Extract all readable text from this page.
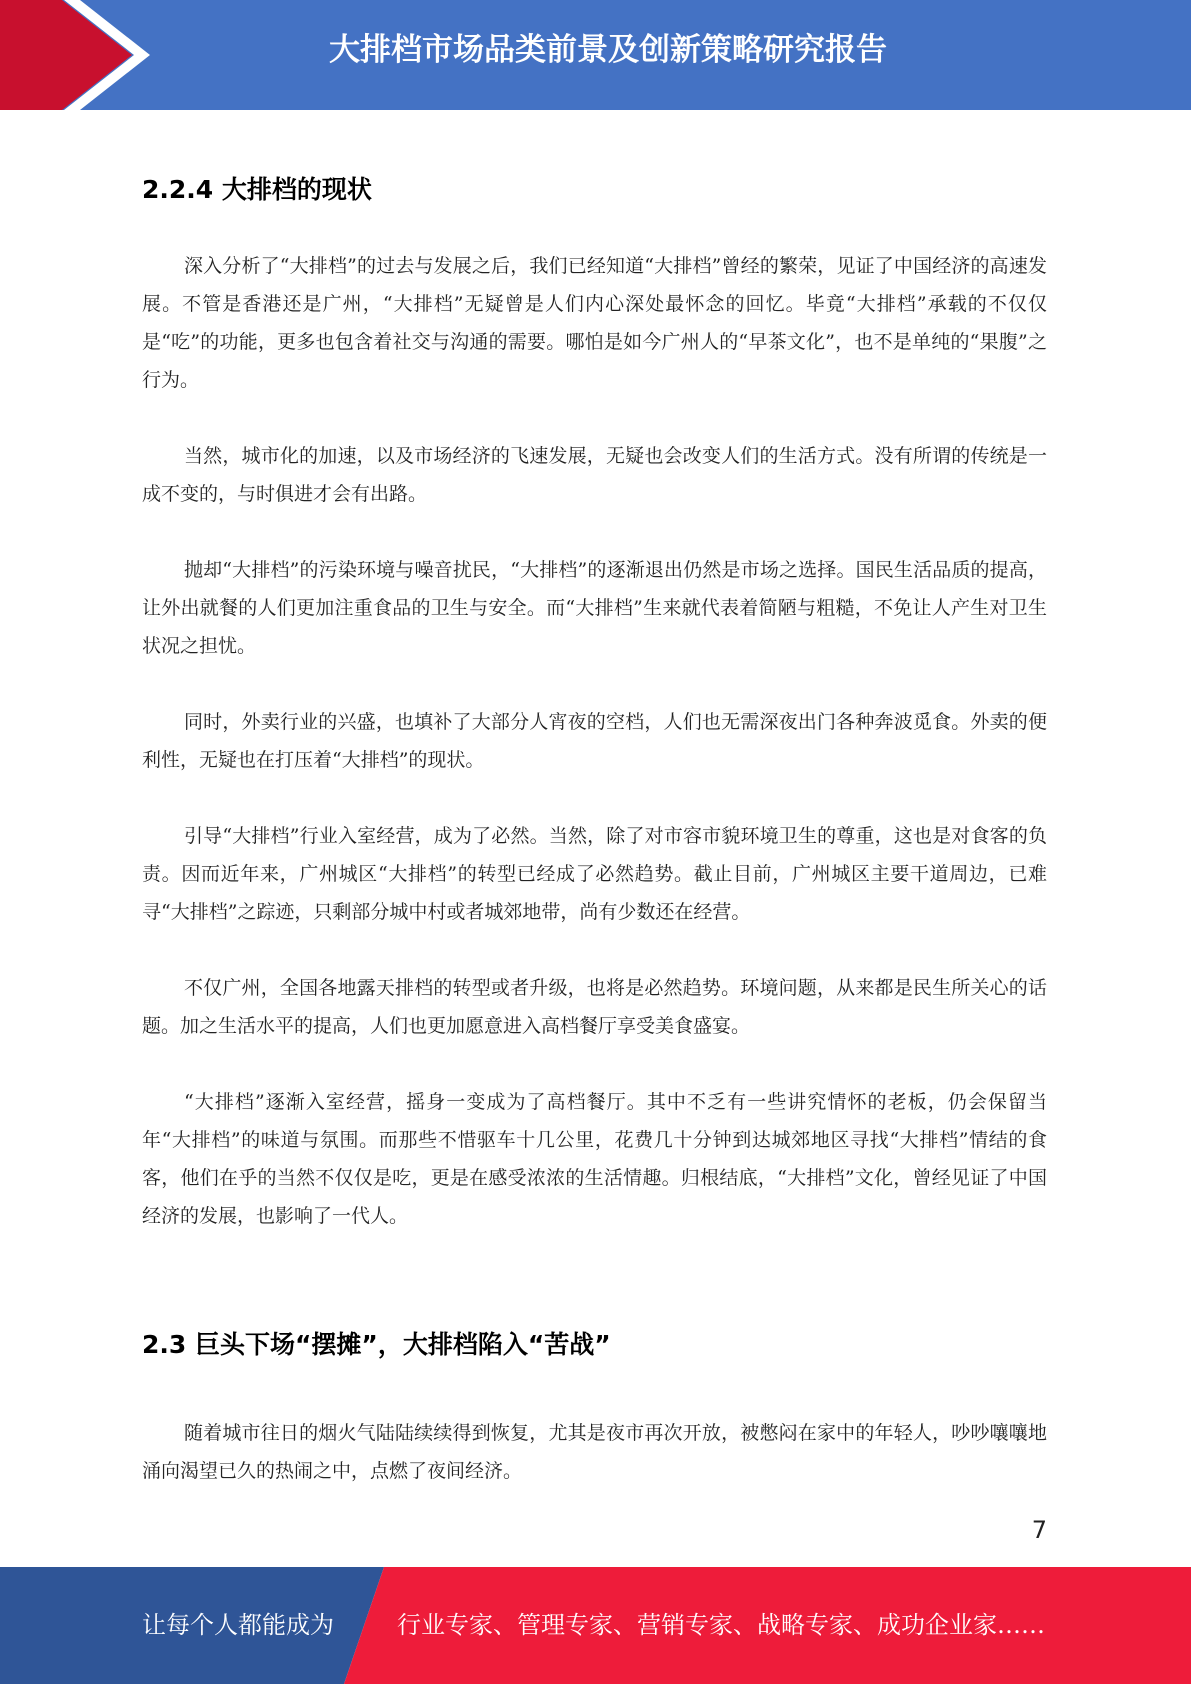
大排档市场品类前景及创新策略研究报告
2.2.4 大排档的现状

深入分析了“大排档”的过去与发展之后，我们已经知道“大排档”曾经的繁荣，见证了中国经济的高速发展。不管是香港还是广州，“大排档”无疑曾是人们内心深处最怀念的回忆。毕竟“大排档”承载的不仅仅是“吃”的功能，更多也包含着社交与沟通的需要。哪怕是如今广州人的“早茶文化”，也不是单纯的“果腹”之行为。

当然，城市化的加速，以及市场经济的飞速发展，无疑也会改变人们的生活方式。没有所谓的传统是一成不变的，与时俱进才会有出路。

抛却“大排档”的污染环境与噪音扰民，“大排档”的逐渐退出仍然是市场之选择。国民生活品质的提高，让外出就餐的人们更加注重食品的卫生与安全。而“大排档”生来就代表着简陋与粗糙，不免让人产生对卫生状况之担忧。

同时，外卖行业的兴盛，也填补了大部分人宵夜的空档，人们也无需深夜出门各种奔波觅食。外卖的便利性，无疑也在打压着“大排档”的现状。

引导“大排档”行业入室经营，成为了必然。当然，除了对市容市貌环境卫生的尊重，这也是对食客的负责。因而近年来，广州城区“大排档”的转型已经成了必然趋势。截止目前，广州城区主要干道周边，已难寻“大排档”之踪迹，只剩部分城中村或者城郊地带，尚有少数还在经营。

不仅广州，全国各地露天排档的转型或者升级，也将是必然趋势。环境问题，从来都是民生所关心的话题。加之生活水平的提高，人们也更加愿意进入高档餐厅享受美食盛宴。

“大排档”逐渐入室经营，摇身一变成为了高档餐厅。其中不乏有一些讲究情怀的老板，仍会保留当年“大排档”的味道与氛围。而那些不惜驱车十几公里，花费几十分钟到达城郊地区寻找“大排档”情结的食客，他们在乎的当然不仅仅是吃，更是在感受浓浓的生活情趣。归根结底，“大排档”文化，曾经见证了中国经济的发展，也影响了一代人。

2.3 巨头下场“摆摊”，大排档陷入“苦战”

随着城市往日的烟火气陆陆续续得到恢复，尤其是夜市再次开放，被憋闷在家中的年轻人，吵吵嚷嚷地涌向渴望已久的热闹之中，点燃了夜间经济。

7
让每个人都能成为	行业专家、管理专家、营销专家、战略专家、成功企业家……
